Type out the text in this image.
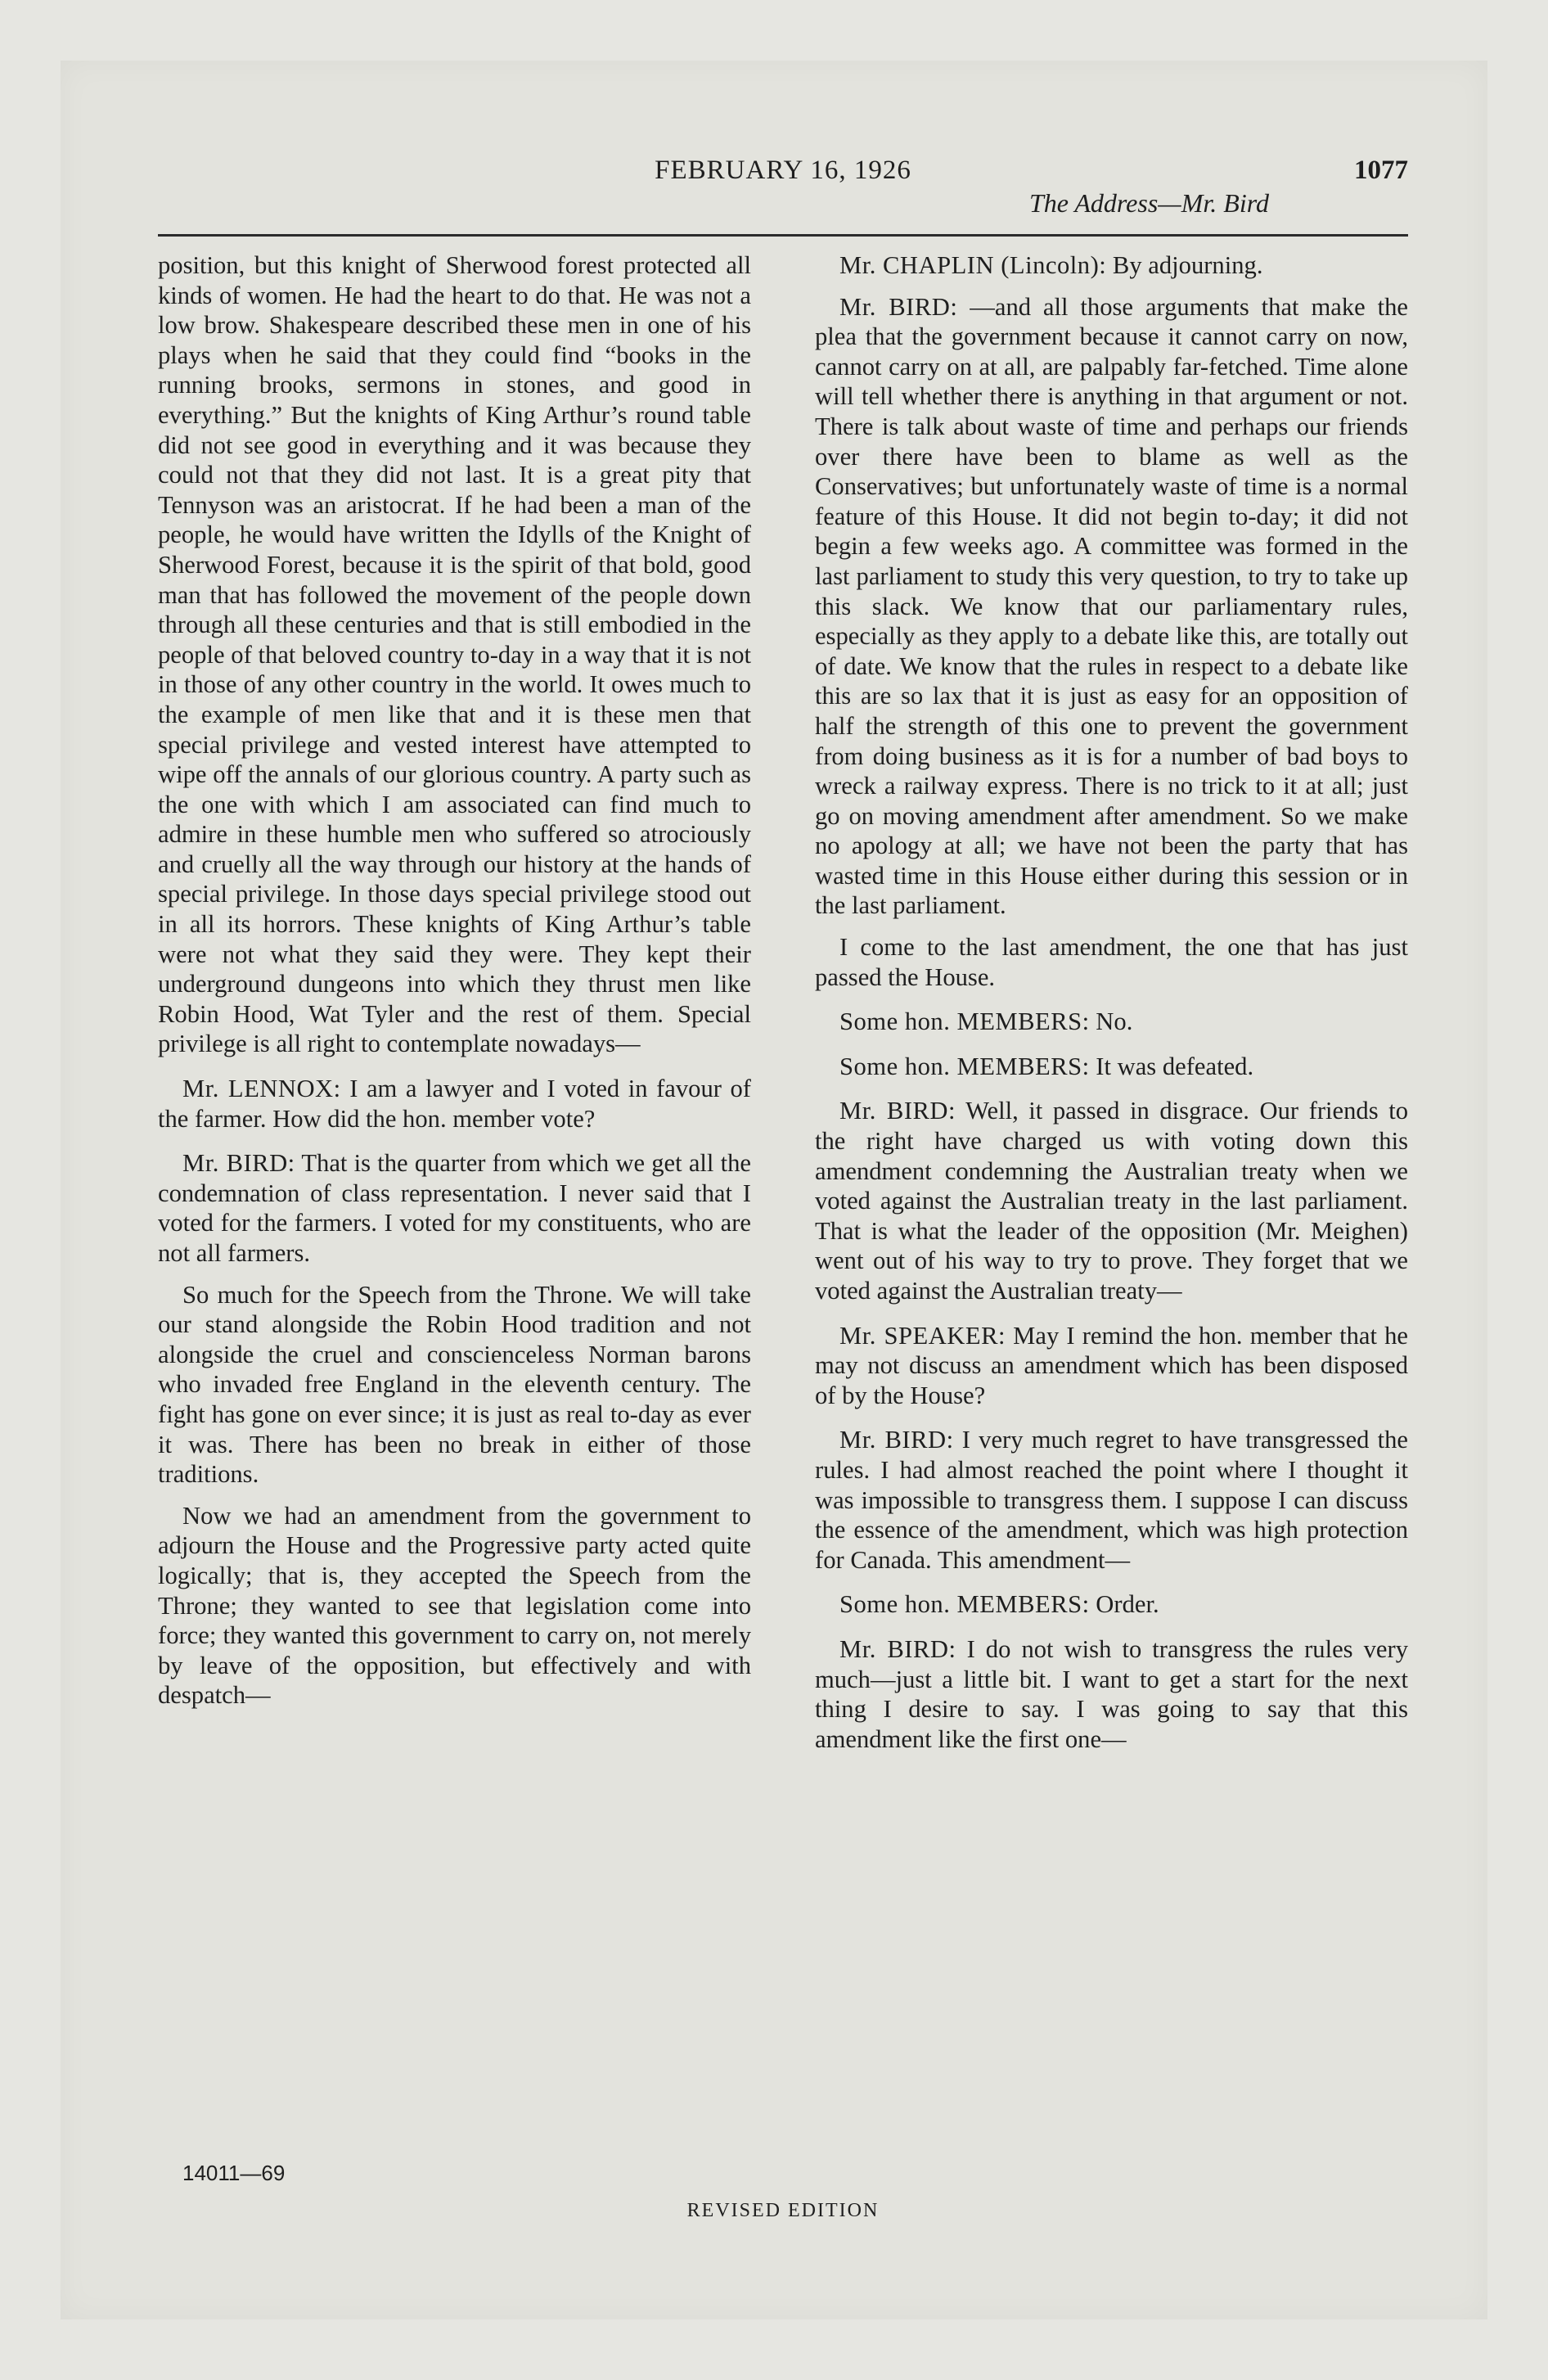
FEBRUARY 16, 1926	1077
The Address—Mr. Bird

position, but this knight of Sherwood forest protected all kinds of women. He had the heart to do that. He was not a low brow. Shakespeare described these men in one of his plays when he said that they could find “books in the running brooks, sermons in stones, and good in everything.” But the knights of King Arthur’s round table did not see good in everything and it was because they could not that they did not last. It is a great pity that Tennyson was an aristocrat. If he had been a man of the people, he would have written the Idylls of the Knight of Sherwood Forest, because it is the spirit of that bold, good man that has followed the movement of the people down through all these centuries and that is still embodied in the people of that beloved country to-day in a way that it is not in those of any other country in the world. It owes much to the example of men like that and it is these men that special privilege and vested interest have attempted to wipe off the annals of our glorious country. A party such as the one with which I am associated can find much to admire in these humble men who suffered so atrociously and cruelly all the way through our history at the hands of special privilege. In those days special privilege stood out in all its horrors. These knights of King Arthur’s table were not what they said they were. They kept their underground dungeons into which they thrust men like Robin Hood, Wat Tyler and the rest of them. Special privilege is all right to contemplate nowadays—

Mr. LENNOX: I am a lawyer and I voted in favour of the farmer. How did the hon. member vote?

Mr. BIRD: That is the quarter from which we get all the condemnation of class representation. I never said that I voted for the farmers. I voted for my constituents, who are not all farmers.

So much for the Speech from the Throne. We will take our stand alongside the Robin Hood tradition and not alongside the cruel and conscienceless Norman barons who invaded free England in the eleventh century. The fight has gone on ever since; it is just as real to-day as ever it was. There has been no break in either of those traditions.

Now we had an amendment from the government to adjourn the House and the Progressive party acted quite logically; that is, they accepted the Speech from the Throne; they wanted to see that legislation come into force; they wanted this government to carry on, not merely by leave of the opposition, but effectively and with despatch—

Mr. CHAPLIN (Lincoln): By adjourning.

Mr. BIRD: —and all those arguments that make the plea that the government because it cannot carry on now, cannot carry on at all, are palpably far-fetched. Time alone will tell whether there is anything in that argument or not. There is talk about waste of time and perhaps our friends over there have been to blame as well as the Conservatives; but unfortunately waste of time is a normal feature of this House. It did not begin to-day; it did not begin a few weeks ago. A committee was formed in the last parliament to study this very question, to try to take up this slack. We know that our parliamentary rules, especially as they apply to a debate like this, are totally out of date. We know that the rules in respect to a debate like this are so lax that it is just as easy for an opposition of half the strength of this one to prevent the government from doing business as it is for a number of bad boys to wreck a railway express. There is no trick to it at all; just go on moving amendment after amendment. So we make no apology at all; we have not been the party that has wasted time in this House either during this session or in the last parliament.

I come to the last amendment, the one that has just passed the House.

Some hon. MEMBERS: No.

Some hon. MEMBERS: It was defeated.

Mr. BIRD: Well, it passed in disgrace. Our friends to the right have charged us with voting down this amendment condemning the Australian treaty when we voted against the Australian treaty in the last parliament. That is what the leader of the opposition (Mr. Meighen) went out of his way to try to prove. They forget that we voted against the Australian treaty—

Mr. SPEAKER: May I remind the hon. member that he may not discuss an amendment which has been disposed of by the House?

Mr. BIRD: I very much regret to have transgressed the rules. I had almost reached the point where I thought it was impossible to transgress them. I suppose I can discuss the essence of the amendment, which was high protection for Canada. This amendment—

Some hon. MEMBERS: Order.

Mr. BIRD: I do not wish to transgress the rules very much—just a little bit. I want to get a start for the next thing I desire to say. I was going to say that this amendment like the first one—

14011—69
REVISED EDITION
